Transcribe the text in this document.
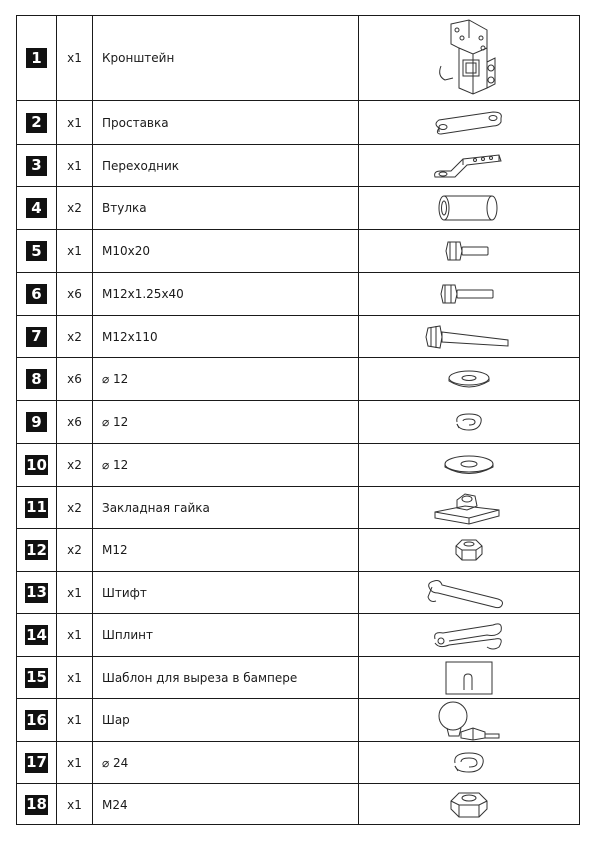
1	x1	Кронштейн
2	x1	Проставка
3	x1	Переходник
4	x2	Втулка
5	x1	M10x20
6	x6	M12x1.25x40
7	x2	M12x110
8	x6	⌀ 12
9	x6	⌀ 12
10	x2	⌀ 12
11	x2	Закладная гайка
12	x2	M12
13	x1	Штифт
14	x1	Шплинт
15	x1	Шаблон для выреза в бампере
16	x1	Шар
17	x1	⌀ 24
18	x1	M24
